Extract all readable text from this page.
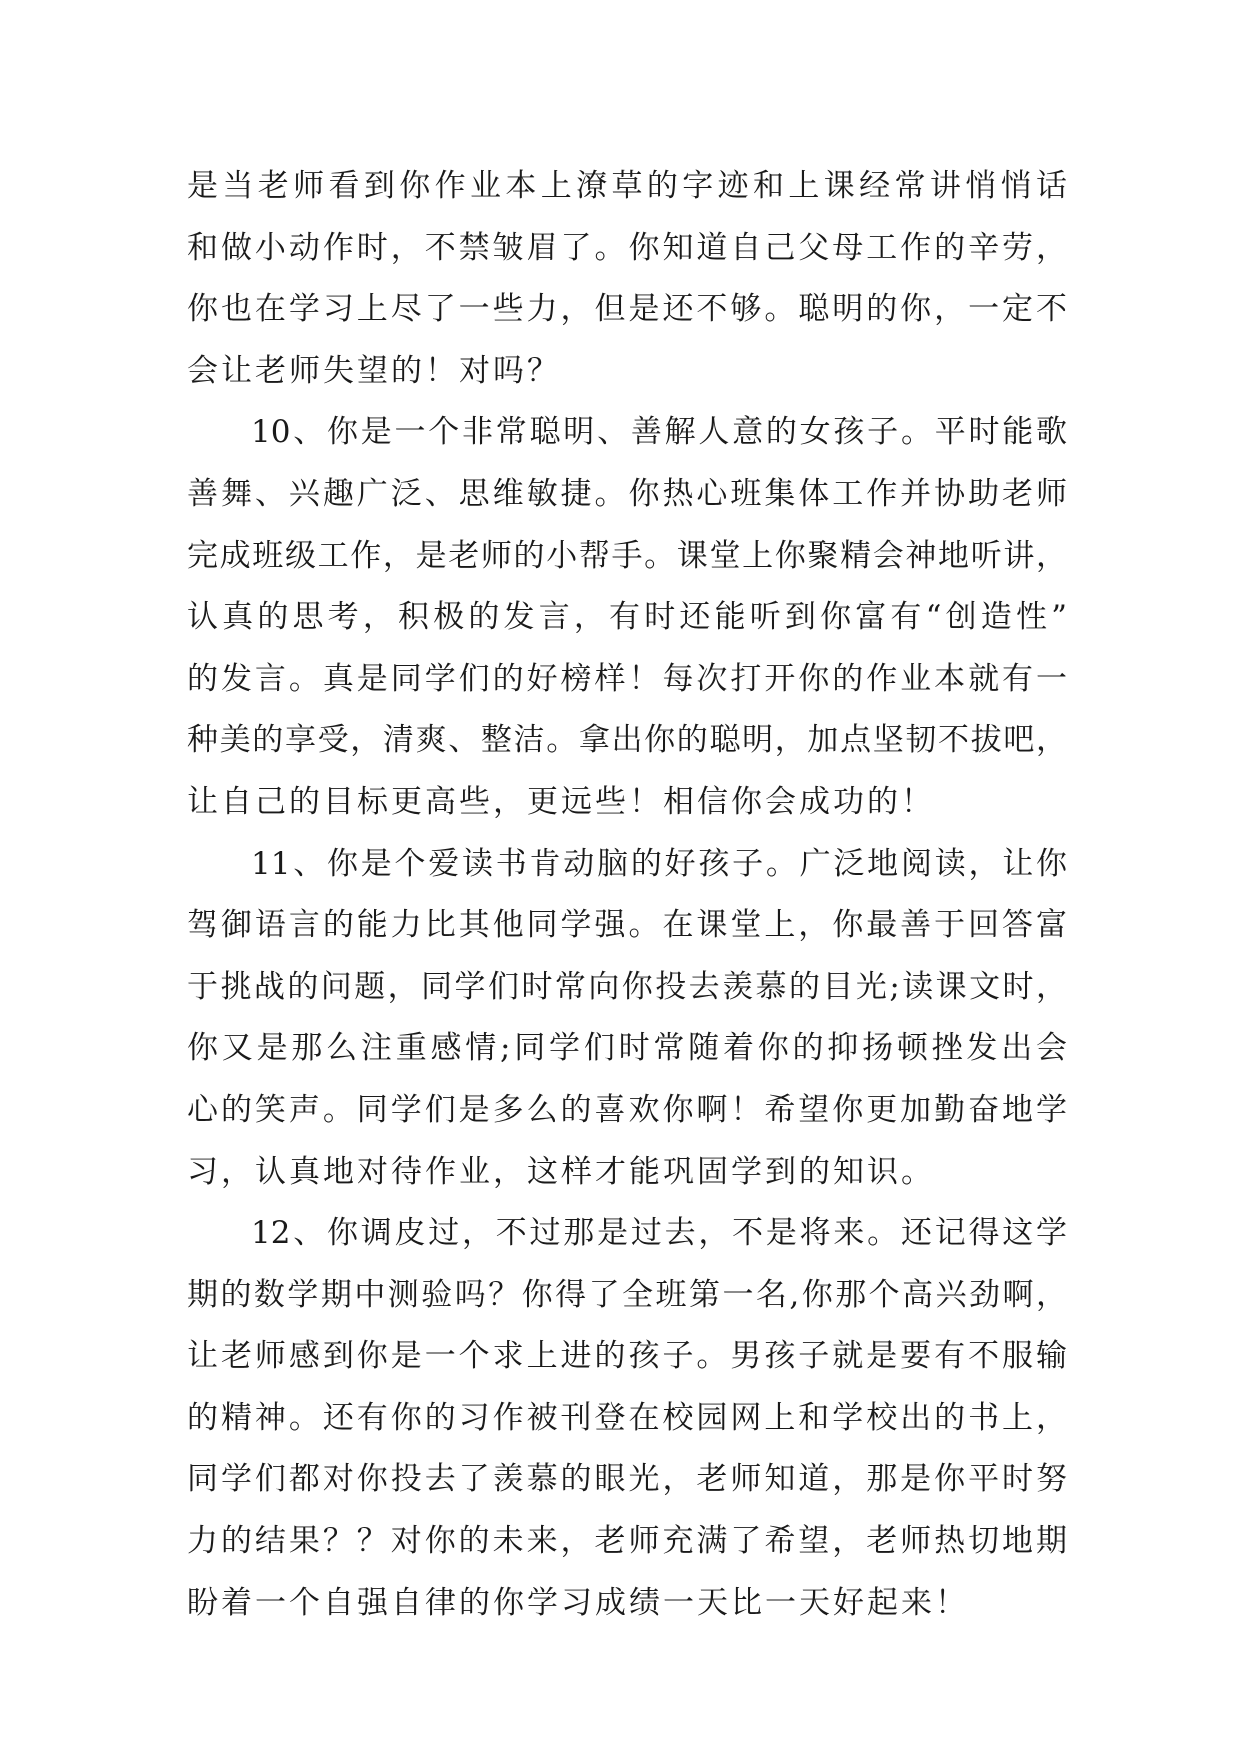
是当老师看到你作业本上潦草的字迹和上课经常讲悄悄话
和做小动作时，不禁皱眉了。你知道自己父母工作的辛劳，
你也在学习上尽了一些力，但是还不够。聪明的你，一定不
会让老师失望的！对吗？
10、你是一个非常聪明、善解人意的女孩子。平时能歌
善舞、兴趣广泛、思维敏捷。你热心班集体工作并协助老师
完成班级工作，是老师的小帮手。课堂上你聚精会神地听讲，
认真的思考，积极的发言，有时还能听到你富有“创造性”
的发言。真是同学们的好榜样！每次打开你的作业本就有一
种美的享受，清爽、整洁。拿出你的聪明，加点坚韧不拔吧，
让自己的目标更高些，更远些！相信你会成功的！
11、你是个爱读书肯动脑的好孩子。广泛地阅读，让你
驾御语言的能力比其他同学强。在课堂上，你最善于回答富
于挑战的问题，同学们时常向你投去羡慕的目光;读课文时，
你又是那么注重感情;同学们时常随着你的抑扬顿挫发出会
心的笑声。同学们是多么的喜欢你啊！希望你更加勤奋地学
习，认真地对待作业，这样才能巩固学到的知识。
12、你调皮过，不过那是过去，不是将来。还记得这学
期的数学期中测验吗？你得了全班第一名,你那个高兴劲啊，
让老师感到你是一个求上进的孩子。男孩子就是要有不服输
的精神。还有你的习作被刊登在校园网上和学校出的书上，
同学们都对你投去了羡慕的眼光，老师知道，那是你平时努
力的结果？？对你的未来，老师充满了希望，老师热切地期
盼着一个自强自律的你学习成绩一天比一天好起来！
